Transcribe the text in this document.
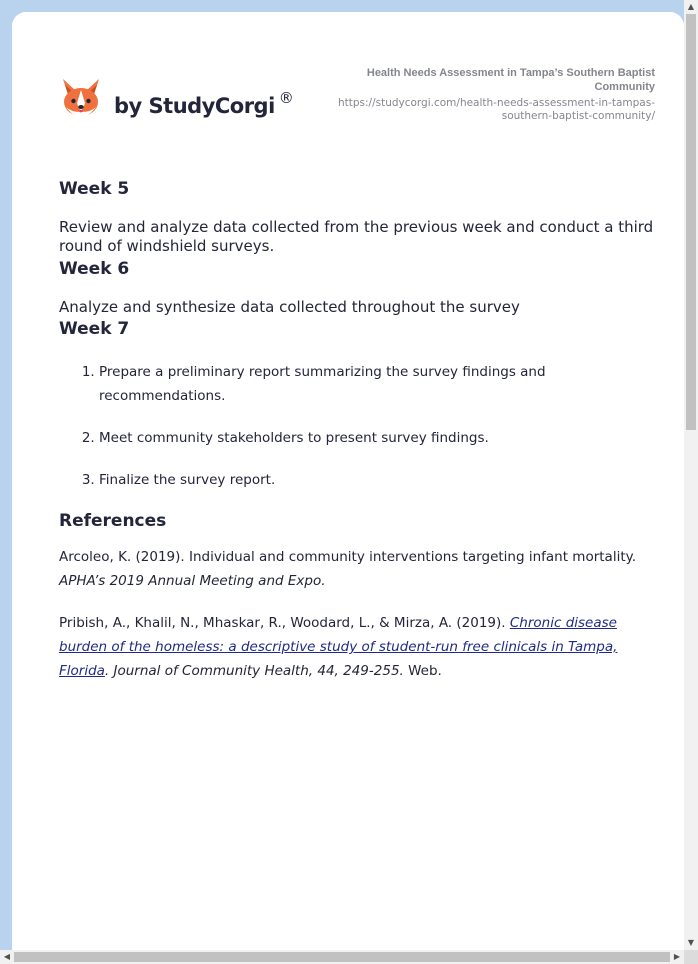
by StudyCorgi ®
Health Needs Assessment in Tampa’s Southern Baptist Community
https://studycorgi.com/health-needs-assessment-in-tampas-southern-baptist-community/
Week 5

Review and analyze data collected from the previous week and conduct a third round of windshield surveys.

Week 6

Analyze and synthesize data collected throughout the survey

Week 7
1. Prepare a preliminary report summarizing the survey findings and recommendations.
2. Meet community stakeholders to present survey findings.
3. Finalize the survey report.
References

Arcoleo, K. (2019). Individual and community interventions targeting infant mortality. APHA’s 2019 Annual Meeting and Expo.

Pribish, A., Khalil, N., Mhaskar, R., Woodard, L., & Mirza, A. (2019). Chronic disease burden of the homeless: a descriptive study of student-run free clinicals in Tampa, Florida. Journal of Community Health, 44, 249-255. Web.

▲
▼
◀	▶
